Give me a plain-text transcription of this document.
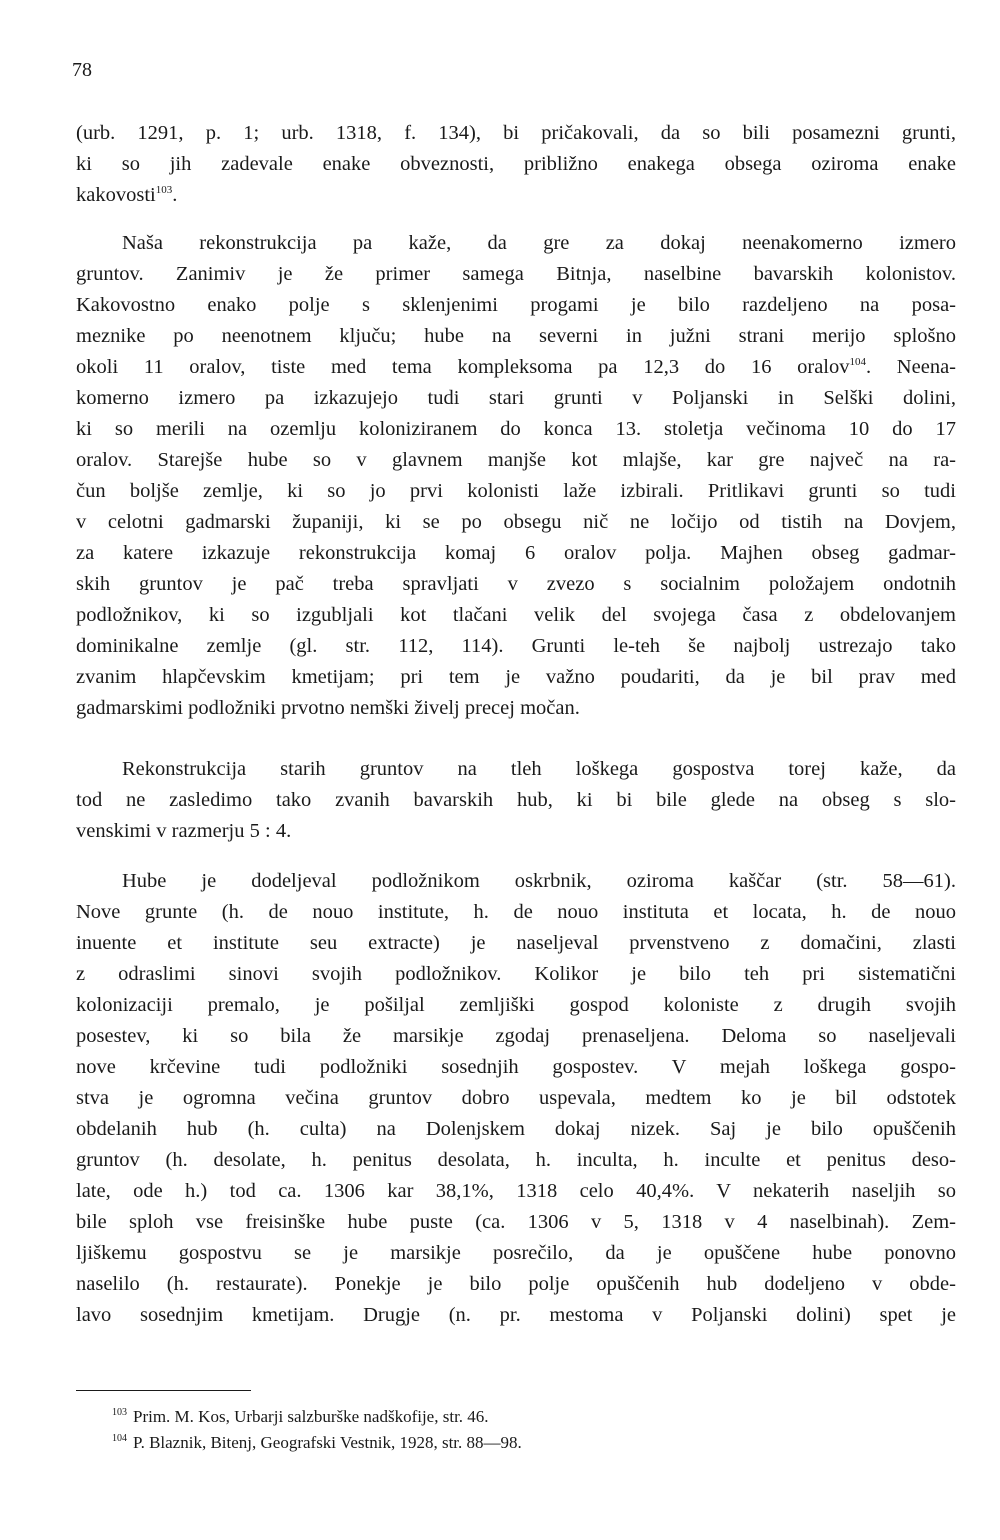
78
(urb. 1291, p. 1; urb. 1318, f. 134), bi pričakovali, da so bili posamezni grunti,
ki so jih zadevale enake obveznosti, približno enakega obsega oziroma enake
kakovosti$^{103}$.
Naša rekonstrukcija pa kaže, da gre za dokaj neenakomerno izmero
gruntov. Zanimiv je že primer samega Bitnja, naselbine bavarskih kolonistov.
Kakovostno enako polje s sklenjenimi progami je bilo razdeljeno na posa-
meznike po neenotnem ključu; hube na severni in južni strani merijo splošno
okoli 11 oralov, tiste med tema kompleksoma pa 12,3 do 16 oralov$^{104}$. Neena-
komerno izmero pa izkazujejo tudi stari grunti v Poljanski in Selški dolini,
ki so merili na ozemlju koloniziranem do konca 13. stoletja večinoma 10 do 17
oralov. Starejše hube so v glavnem manjše kot mlajše, kar gre največ na ra-
čun boljše zemlje, ki so jo prvi kolonisti laže izbirali. Pritlikavi grunti so tudi
v celotni gadmarski županiji, ki se po obsegu nič ne ločijo od tistih na Dovjem,
za katere izkazuje rekonstrukcija komaj 6 oralov polja. Majhen obseg gadmar-
skih gruntov je pač treba spravljati v zvezo s socialnim položajem ondotnih
podložnikov, ki so izgubljali kot tlačani velik del svojega časa z obdelovanjem
dominikalne zemlje (gl. str. 112, 114). Grunti le-teh še najbolj ustrezajo tako
zvanim hlapčevskim kmetijam; pri tem je važno poudariti, da je bil prav med
gadmarskimi podložniki prvotno nemški živelj precej močan.
Rekonstrukcija starih gruntov na tleh loškega gospostva torej kaže, da
tod ne zasledimo tako zvanih bavarskih hub, ki bi bile glede na obseg s slo-
venskimi v razmerju 5 : 4.
Hube je dodeljeval podložnikom oskrbnik, oziroma kaščar (str. 58—61).
Nove grunte (h. de nouo institute, h. de nouo instituta et locata, h. de nouo
inuente et institute seu extracte) je naseljeval prvenstveno z domačini, zlasti
z odraslimi sinovi svojih podložnikov. Kolikor je bilo teh pri sistematični
kolonizaciji premalo, je pošiljal zemljiški gospod koloniste z drugih svojih
posestev, ki so bila že marsikje zgodaj prenaseljena. Deloma so naseljevali
nove krčevine tudi podložniki sosednjih gospostev. V mejah loškega gospo-
stva je ogromna večina gruntov dobro uspevala, medtem ko je bil odstotek
obdelanih hub (h. culta) na Dolenjskem dokaj nizek. Saj je bilo opuščenih
gruntov (h. desolate, h. penitus desolata, h. inculta, h. inculte et penitus deso-
late, ode h.) tod ca. 1306 kar 38,1%, 1318 celo 40,4%. V nekaterih naseljih so
bile sploh vse freisinške hube puste (ca. 1306 v 5, 1318 v 4 naselbinah). Zem-
ljiškemu gospostvu se je marsikje posrečilo, da je opuščene hube ponovno
naselilo (h. restaurate). Ponekje je bilo polje opuščenih hub dodeljeno v obde-
lavo sosednjim kmetijam. Drugje (n. pr. mestoma v Poljanski dolini) spet je
$^{103}$ Prim. M. Kos, Urbarji salzburške nadškofije, str. 46.
$^{104}$ P. Blaznik, Bitenj, Geografski Vestnik, 1928, str. 88—98.
